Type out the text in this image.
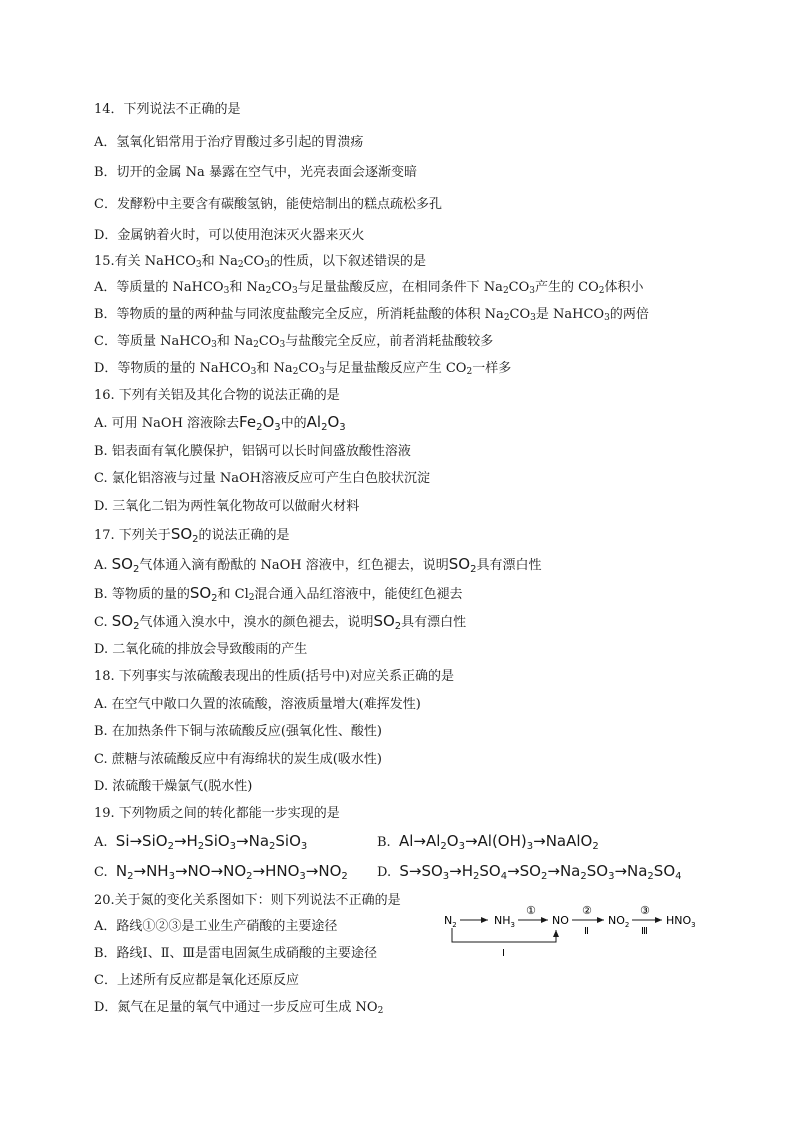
14．下列说法不正确的是
A．氢氧化铝常用于治疗胃酸过多引起的胃溃疡
B．切开的金属 Na 暴露在空气中，光亮表面会逐渐变暗
C．发酵粉中主要含有碳酸氢钠，能使焙制出的糕点疏松多孔
D．金属钠着火时，可以使用泡沫灭火器来灭火
15.有关 NaHCO$_3$和 $Na_2CO_3$的性质，以下叙述错误的是
A．等质量的 NaHCO$_3$和 $Na_2CO_3$与足量盐酸反应，在相同条件下 $Na_2CO_3$产生的 $CO_2$体积小
B．等物质的量的两种盐与同浓度盐酸完全反应，所消耗盐酸的体积 $Na_2CO_3$是 NaHCO$_3$的两倍
C．等质量 NaHCO$_3$和 $Na_2CO_3$与盐酸完全反应，前者消耗盐酸较多
D．等物质的量的 NaHCO$_3$和 $Na_2CO_3$与足量盐酸反应产生 $CO_2$一样多
16. 下列有关铝及其化合物的说法正确的是
A. 可用 NaOH 溶液除去$Fe_2O_3$中的$Al_2O_3$
B. 铝表面有氧化膜保护，铝锅可以长时间盛放酸性溶液
C. 氯化铝溶液与过量 NaOH溶液反应可产生白色胶状沉淀
D. 三氧化二铝为两性氧化物故可以做耐火材料
17. 下列关于$SO_2$的说法正确的是
A. $SO_2$气体通入滴有酚酞的 NaOH 溶液中，红色褪去，说明$SO_2$具有漂白性
B. 等物质的量的$SO_2$和 $Cl_2$混合通入品红溶液中，能使红色褪去
C. $SO_2$气体通入溴水中，溴水的颜色褪去，说明$SO_2$具有漂白性
D. 二氧化硫的排放会导致酸雨的产生
18. 下列事实与浓硫酸表现出的性质(括号中)对应关系正确的是
A. 在空气中敞口久置的浓硫酸，溶液质量增大(难挥发性)
B. 在加热条件下铜与浓硫酸反应(强氧化性、酸性)
C. 蔗糖与浓硫酸反应中有海绵状的炭生成(吸水性)
D. 浓硫酸干燥氯气(脱水性)
19. 下列物质之间的转化都能一步实现的是
A. $Si\to SiO_2\to H_2SiO_3\to Na_2SiO_3$	B. $Al\to Al_2O_3\to Al(OH)_3\to NaAlO_2$
C. $N_2\to NH_3\to NO\to NO_2\to HNO_3\to NO_2$ D. $S\to SO_3\to H_2SO_4\to SO_2\to Na_2SO_3\to Na_2SO_4$
20.关于氮的变化关系图如下：则下列说法不正确的是
A．路线①②③是工业生产硝酸的主要途径
B．路线Ⅰ、Ⅱ、Ⅲ是雷电固氮生成硝酸的主要途径
C．上述所有反应都是氧化还原反应
D．氮气在足量的氧气中通过一步反应可生成 $NO_2$
$N_2$	$NH_3$
①
NO
②
Ⅱ
$NO_2$
③
Ⅲ
$HNO_3$
Ⅰ
